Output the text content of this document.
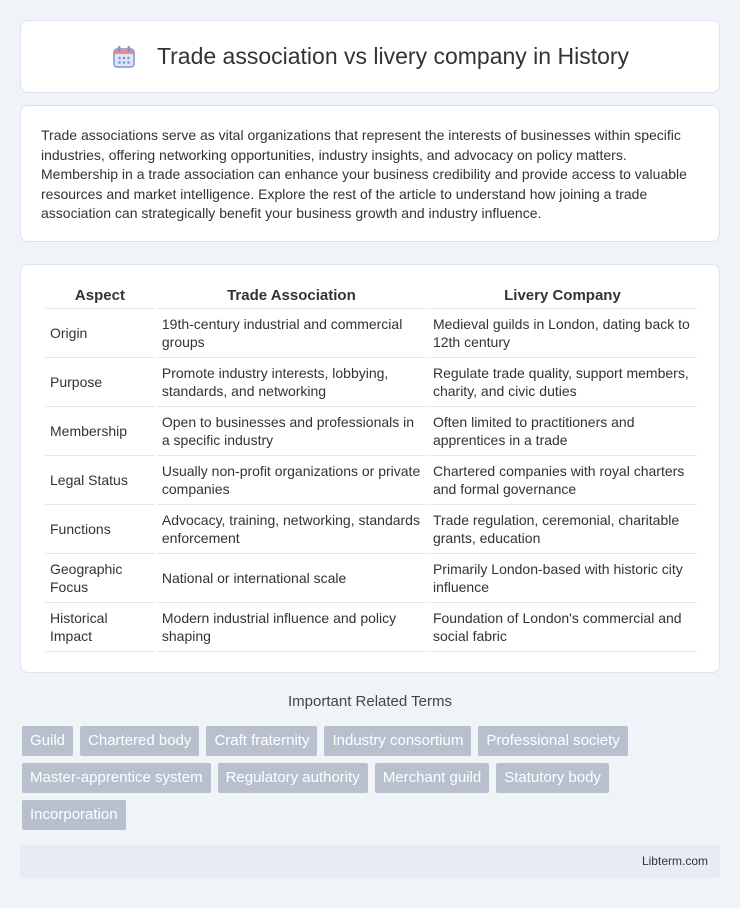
Trade association vs livery company in History

Trade associations serve as vital organizations that represent the interests of businesses within specific industries, offering networking opportunities, industry insights, and advocacy on policy matters. Membership in a trade association can enhance your business credibility and provide access to valuable resources and market intelligence. Explore the rest of the article to understand how joining a trade association can strategically benefit your business growth and industry influence.

Aspect	Trade Association	Livery Company
Origin	19th-century industrial and commercial groups	Medieval guilds in London, dating back to 12th century
Purpose	Promote industry interests, lobbying, standards, and networking	Regulate trade quality, support members, charity, and civic duties
Membership	Open to businesses and professionals in a specific industry	Often limited to practitioners and apprentices in a trade
Legal Status	Usually non-profit organizations or private companies	Chartered companies with royal charters and formal governance
Functions	Advocacy, training, networking, standards enforcement	Trade regulation, ceremonial, charitable grants, education
Geographic Focus	National or international scale	Primarily London-based with historic city influence
Historical Impact	Modern industrial influence and policy shaping	Foundation of London's commercial and social fabric
Important Related Terms
Guild	Chartered body	Craft fraternity	Industry consortium	Professional society
Master-apprentice system	Regulatory authority	Merchant guild	Statutory body
Incorporation
Libterm.com
